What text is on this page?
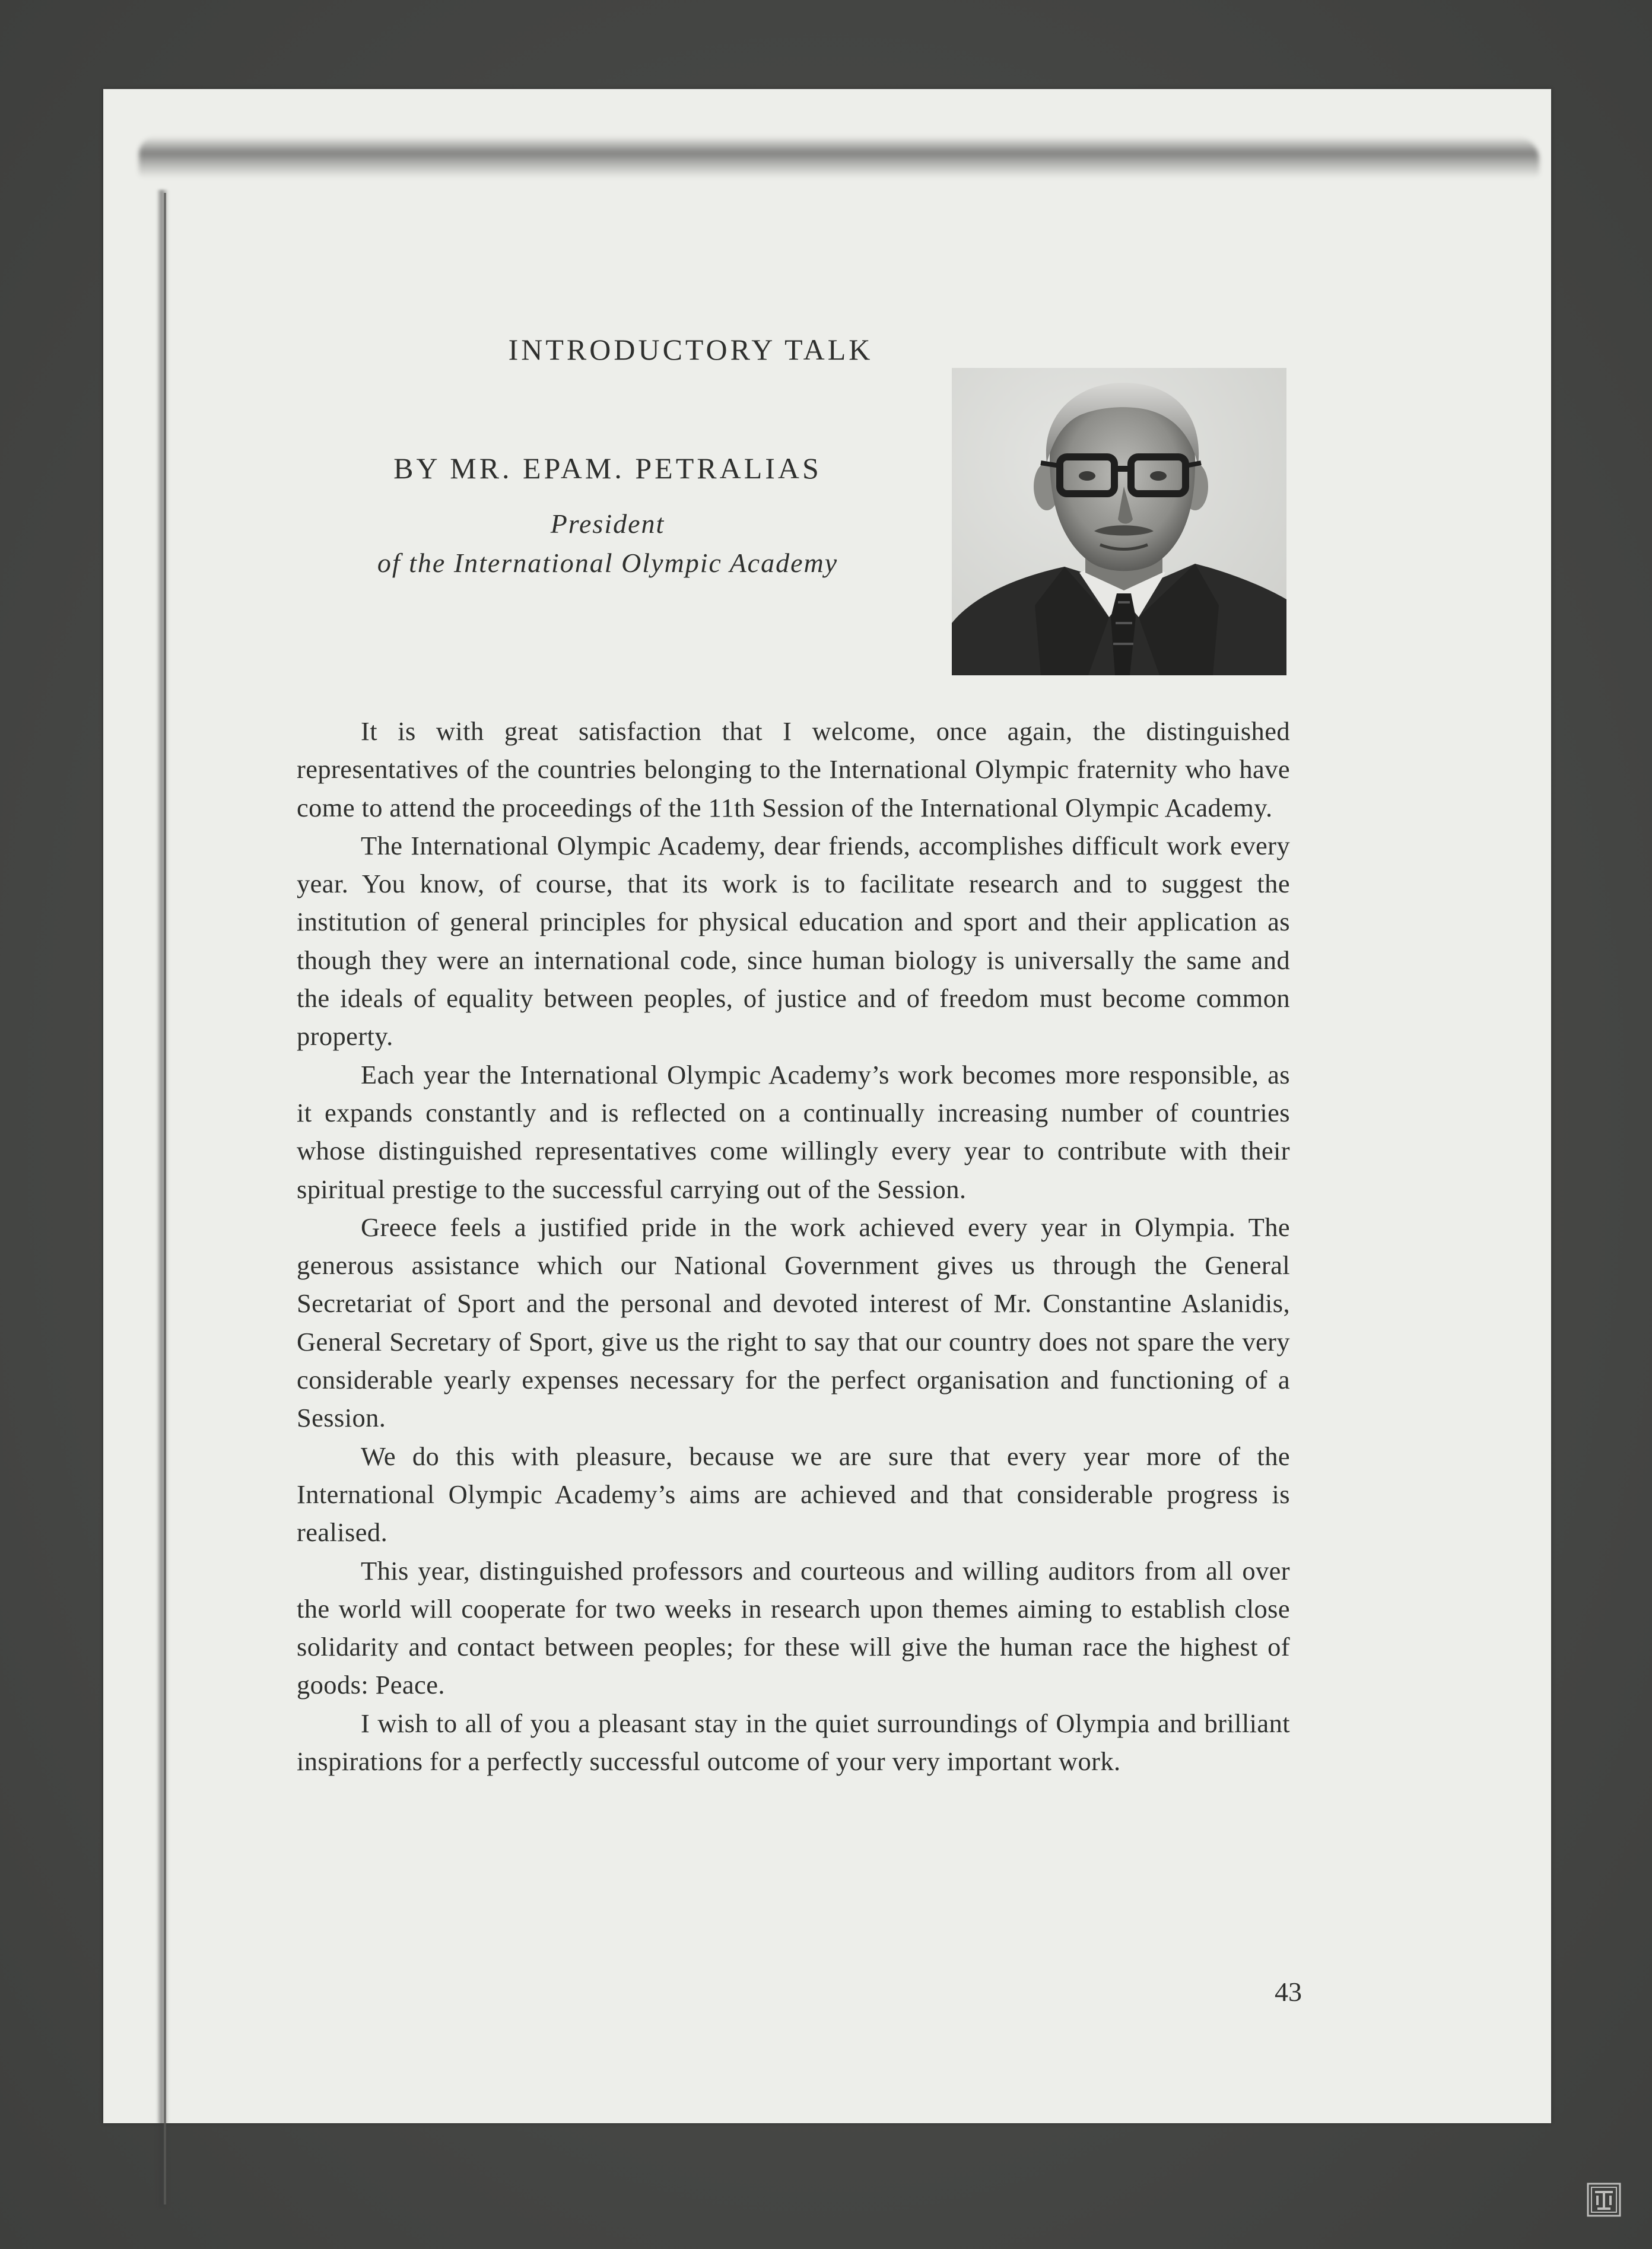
INTRODUCTORY TALK
BY MR. EPAM. PETRALIAS
President
of the International Olympic Academy

It is with great satisfaction that I welcome, once again, the distinguished representatives of the countries belonging to the International Olympic fraternity who have come to attend the proceedings of the 11th Session of the International Olympic Academy.

The International Olympic Academy, dear friends, accomplishes difficult work every year. You know, of course, that its work is to facilitate research and to suggest the institution of general principles for physical education and sport and their application as though they were an international code, since human biology is universally the same and the ideals of equality between peoples, of justice and of freedom must become common property.

Each year the International Olympic Academy’s work becomes more responsible, as it expands constantly and is reflected on a continually increasing number of countries whose distinguished representatives come willingly every year to contribute with their spiritual prestige to the successful carrying out of the Session.

Greece feels a justified pride in the work achieved every year in Olympia. The generous assistance which our National Government gives us through the General Secretariat of Sport and the personal and devoted interest of Mr. Constantine Aslanidis, General Secretary of Sport, give us the right to say that our country does not spare the very considerable yearly expenses necessary for the perfect organisation and functioning of a Session.

We do this with pleasure, because we are sure that every year more of the International Olympic Academy’s aims are achieved and that considerable progress is realised.

This year, distinguished professors and courteous and willing auditors from all over the world will cooperate for two weeks in research upon themes aiming to establish close solidarity and contact between peoples; for these will give the human race the highest of goods: Peace.

I wish to all of you a pleasant stay in the quiet surroundings of Olympia and brilliant inspirations for a perfectly successful outcome of your very important work.

43
